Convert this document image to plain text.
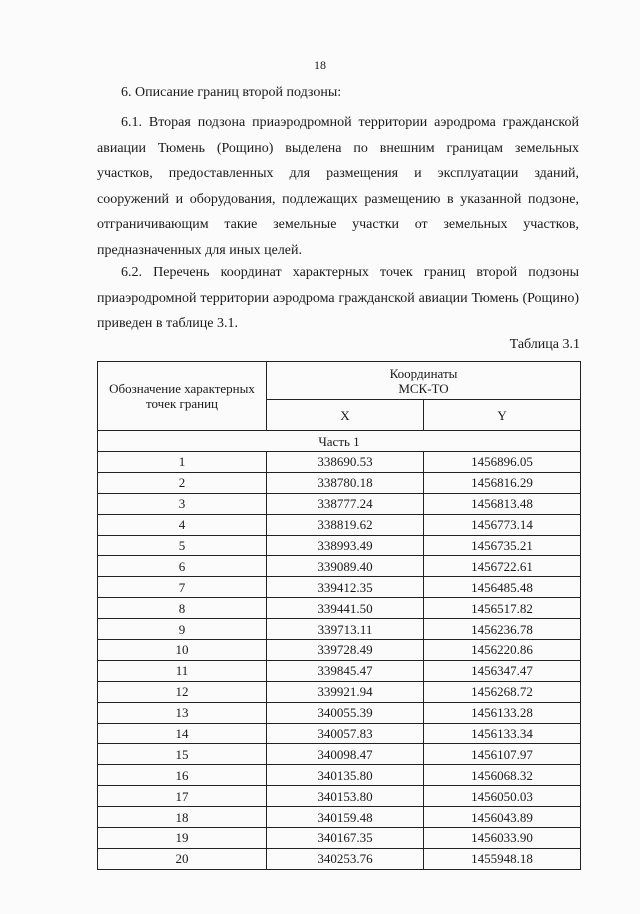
18
6. Описание границ второй подзоны:
6.1. Вторая подзона приаэродромной территории аэродрома гражданской авиации Тюмень (Рощино) выделена по внешним границам земельных участков, предоставленных для размещения и эксплуатации зданий, сооружений и оборудования, подлежащих размещению в указанной подзоне, отграничивающим такие земельные участки от земельных участков, предназначенных для иных целей.
6.2. Перечень координат характерных точек границ второй подзоны приаэродромной территории аэродрома гражданской авиации Тюмень (Рощино) приведен в таблице 3.1.
Таблица 3.1
Обозначение характерных точек границ	Координаты
МСК-ТО	

	X	Y
Часть 1		
1	338690.53	1456896.05
2	338780.18	1456816.29
3	338777.24	1456813.48
4	338819.62	1456773.14
5	338993.49	1456735.21
6	339089.40	1456722.61
7	339412.35	1456485.48
8	339441.50	1456517.82
9	339713.11	1456236.78
10	339728.49	1456220.86
11	339845.47	1456347.47
12	339921.94	1456268.72
13	340055.39	1456133.28
14	340057.83	1456133.34
15	340098.47	1456107.97
16	340135.80	1456068.32
17	340153.80	1456050.03
18	340159.48	1456043.89
19	340167.35	1456033.90
20	340253.76	1455948.18
